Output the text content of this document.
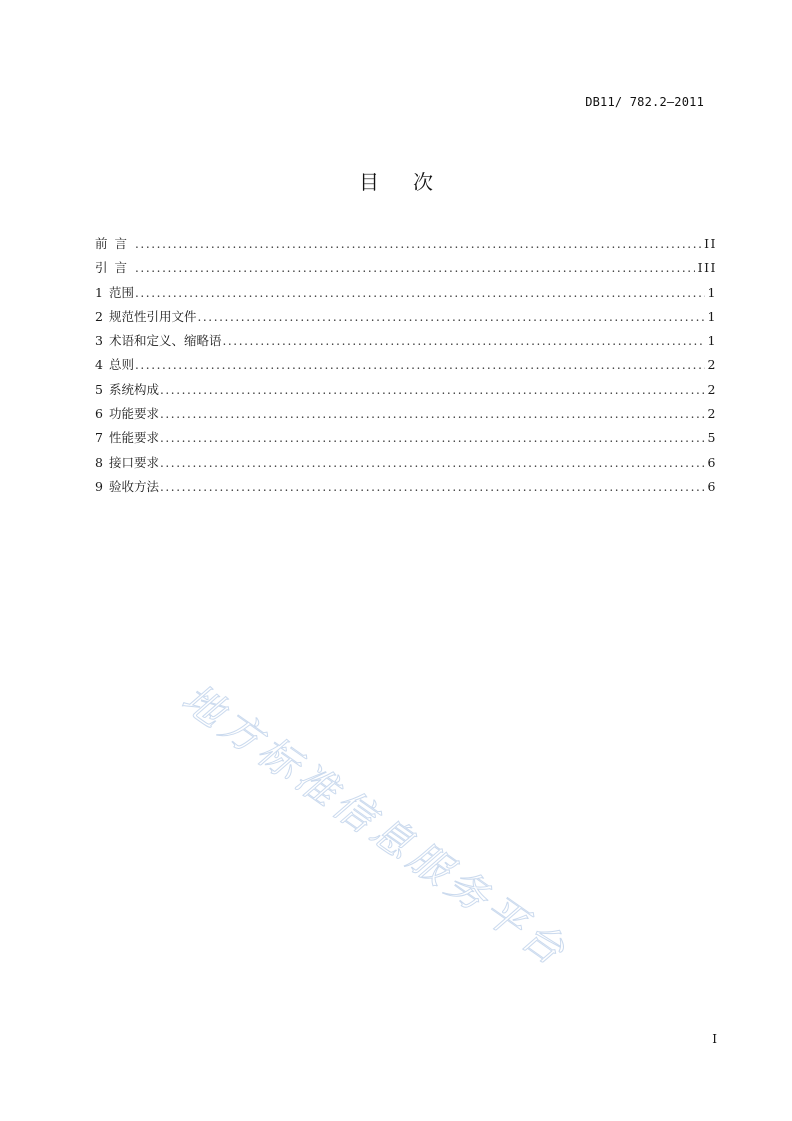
DB11/ 782.2—2011
目次
前言 .....	II
引言 .....	III
1 范围 .....	1
2 规范性引用文件 .....	1
3 术语和定义、缩略语 .....	1
4 总则 .....	2
5 系统构成 .....	2
6 功能要求 .....	2
7 性能要求 .....	5
8 接口要求 .....	6
9 验收方法 .....	6
地方标准信息服务平台
I
